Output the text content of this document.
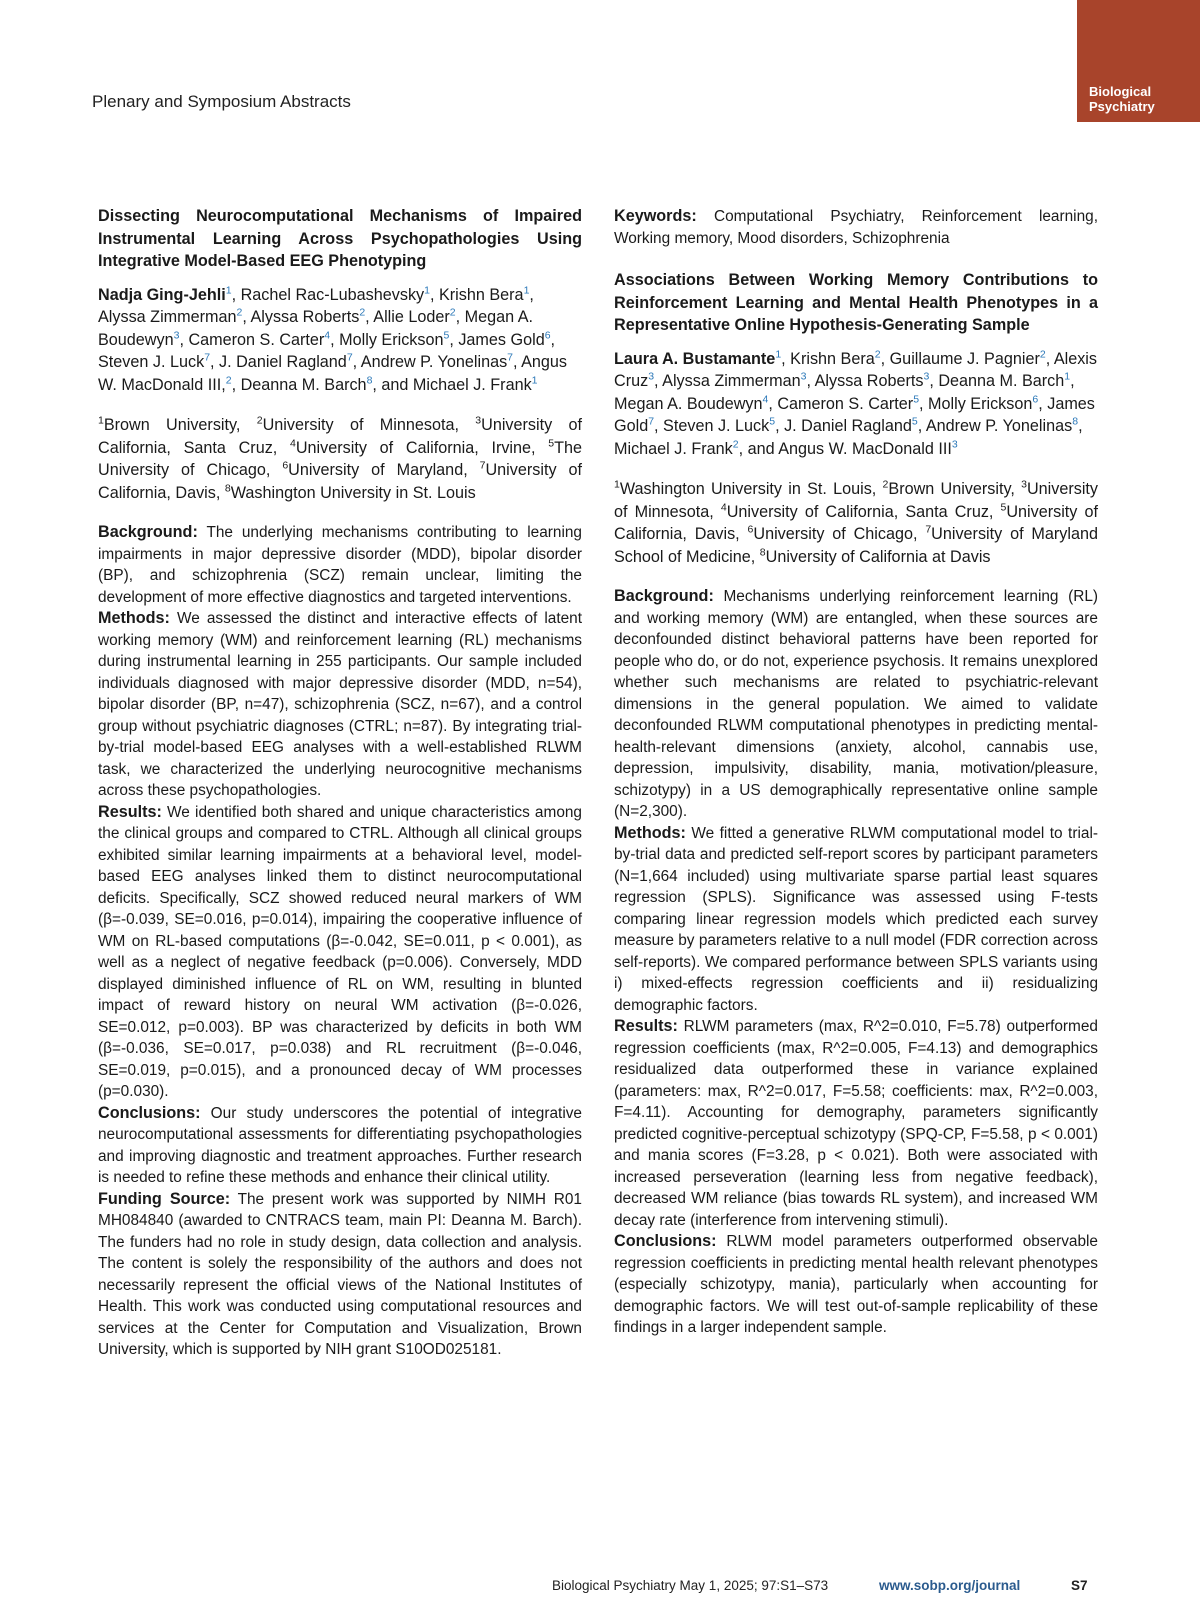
Plenary and Symposium Abstracts
Biological
Psychiatry
Dissecting Neurocomputational Mechanisms of Impaired Instrumental Learning Across Psychopathologies Using Integrative Model-Based EEG Phenotyping
Nadja Ging-Jehli$^1$, Rachel Rac-Lubashevsky$^1$, Krishn Bera$^1$, Alyssa Zimmerman$^2$, Alyssa Roberts$^2$, Allie Loder$^2$, Megan A. Boudewyn$^3$, Cameron S. Carter$^4$, Molly Erickson$^5$, James Gold$^6$, Steven J. Luck$^7$, J. Daniel Ragland$^7$, Andrew P. Yonelinas$^7$, Angus W. MacDonald III,$^2$, Deanna M. Barch$^8$, and Michael J. Frank$^1$
$^1$Brown University, $^2$University of Minnesota, $^3$University of California, Santa Cruz, $^4$University of California, Irvine, $^5$The University of Chicago, $^6$University of Maryland, $^7$University of California, Davis, $^8$Washington University in St. Louis
Background: The underlying mechanisms contributing to learning impairments in major depressive disorder (MDD), bipolar disorder (BP), and schizophrenia (SCZ) remain unclear, limiting the development of more effective diagnostics and targeted interventions.
Methods: We assessed the distinct and interactive effects of latent working memory (WM) and reinforcement learning (RL) mechanisms during instrumental learning in 255 participants. Our sample included individuals diagnosed with major depressive disorder (MDD, n=54), bipolar disorder (BP, n=47), schizophrenia (SCZ, n=67), and a control group without psychiatric diagnoses (CTRL; n=87). By integrating trial-by-trial model-based EEG analyses with a well-established RLWM task, we characterized the underlying neurocognitive mechanisms across these psychopathologies.
Results: We identified both shared and unique characteristics among the clinical groups and compared to CTRL. Although all clinical groups exhibited similar learning impairments at a behavioral level, model-based EEG analyses linked them to distinct neurocomputational deficits. Specifically, SCZ showed reduced neural markers of WM (β=-0.039, SE=0.016, p=0.014), impairing the cooperative influence of WM on RL-based computations (β=-0.042, SE=0.011, p < 0.001), as well as a neglect of negative feedback (p=0.006). Conversely, MDD displayed diminished influence of RL on WM, resulting in blunted impact of reward history on neural WM activation (β=-0.026, SE=0.012, p=0.003). BP was characterized by deficits in both WM (β=-0.036, SE=0.017, p=0.038) and RL recruitment (β=-0.046, SE=0.019, p=0.015), and a pronounced decay of WM processes (p=0.030).
Conclusions: Our study underscores the potential of integrative neurocomputational assessments for differentiating psychopathologies and improving diagnostic and treatment approaches. Further research is needed to refine these methods and enhance their clinical utility.
Funding Source: The present work was supported by NIMH R01 MH084840 (awarded to CNTRACS team, main PI: Deanna M. Barch). The funders had no role in study design, data collection and analysis. The content is solely the responsibility of the authors and does not necessarily represent the official views of the National Institutes of Health. This work was conducted using computational resources and services at the Center for Computation and Visualization, Brown University, which is supported by NIH grant S10OD025181.
Keywords: Computational Psychiatry, Reinforcement learning, Working memory, Mood disorders, Schizophrenia
Associations Between Working Memory Contributions to Reinforcement Learning and Mental Health Phenotypes in a Representative Online Hypothesis-Generating Sample
Laura A. Bustamante$^1$, Krishn Bera$^2$, Guillaume J. Pagnier$^2$, Alexis Cruz$^3$, Alyssa Zimmerman$^3$, Alyssa Roberts$^3$, Deanna M. Barch$^1$, Megan A. Boudewyn$^4$, Cameron S. Carter$^5$, Molly Erickson$^6$, James Gold$^7$, Steven J. Luck$^5$, J. Daniel Ragland$^5$, Andrew P. Yonelinas$^8$, Michael J. Frank$^2$, and Angus W. MacDonald III$^3$
$^1$Washington University in St. Louis, $^2$Brown University, $^3$University of Minnesota, $^4$University of California, Santa Cruz, $^5$University of California, Davis, $^6$University of Chicago, $^7$University of Maryland School of Medicine, $^8$University of California at Davis
Background: Mechanisms underlying reinforcement learning (RL) and working memory (WM) are entangled, when these sources are deconfounded distinct behavioral patterns have been reported for people who do, or do not, experience psychosis. It remains unexplored whether such mechanisms are related to psychiatric-relevant dimensions in the general population. We aimed to validate deconfounded RLWM computational phenotypes in predicting mental-health-relevant dimensions (anxiety, alcohol, cannabis use, depression, impulsivity, disability, mania, motivation/pleasure, schizotypy) in a US demographically representative online sample (N=2,300).
Methods: We fitted a generative RLWM computational model to trial-by-trial data and predicted self-report scores by participant parameters (N=1,664 included) using multivariate sparse partial least squares regression (SPLS). Significance was assessed using F-tests comparing linear regression models which predicted each survey measure by parameters relative to a null model (FDR correction across self-reports). We compared performance between SPLS variants using i) mixed-effects regression coefficients and ii) residualizing demographic factors.
Results: RLWM parameters (max, R^2=0.010, F=5.78) outperformed regression coefficients (max, R^2=0.005, F=4.13) and demographics residualized data outperformed these in variance explained (parameters: max, R^2=0.017, F=5.58; coefficients: max, R^2=0.003, F=4.11). Accounting for demography, parameters significantly predicted cognitive-perceptual schizotypy (SPQ-CP, F=5.58, p < 0.001) and mania scores (F=3.28, p < 0.021). Both were associated with increased perseveration (learning less from negative feedback), decreased WM reliance (bias towards RL system), and increased WM decay rate (interference from intervening stimuli).
Conclusions: RLWM model parameters outperformed observable regression coefficients in predicting mental health relevant phenotypes (especially schizotypy, mania), particularly when accounting for demographic factors. We will test out-of-sample replicability of these findings in a larger independent sample.
Biological Psychiatry May 1, 2025; 97:S1–S73	www.sobp.org/journal	S7
